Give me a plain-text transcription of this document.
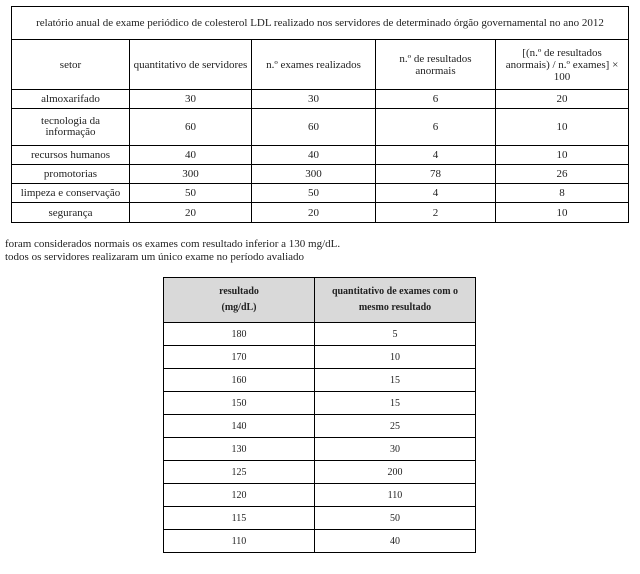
relatório anual de exame periódico de colesterol LDL realizado nos servidores de determinado órgão governamental no ano 2012				
setor	quantitativo de servidores	n.º exames realizados	n.º de resultados anormais	[(n.º de resultados anormais) / n.º exames] × 100
almoxarifado	30	30	6	20
tecnologia da informação	60	60	6	10
recursos humanos	40	40	4	10
promotorias	300	300	78	26
limpeza e conservação	50	50	4	8
segurança	20	20	2	10
foram considerados normais os exames com resultado inferior a 130 mg/dL.
todos os servidores realizaram um único exame no período avaliado
resultado
(mg/dL)	quantitativo de exames com o mesmo resultado
180	5
170	10
160	15
150	15
140	25
130	30
125	200
120	110
115	50
110	40
